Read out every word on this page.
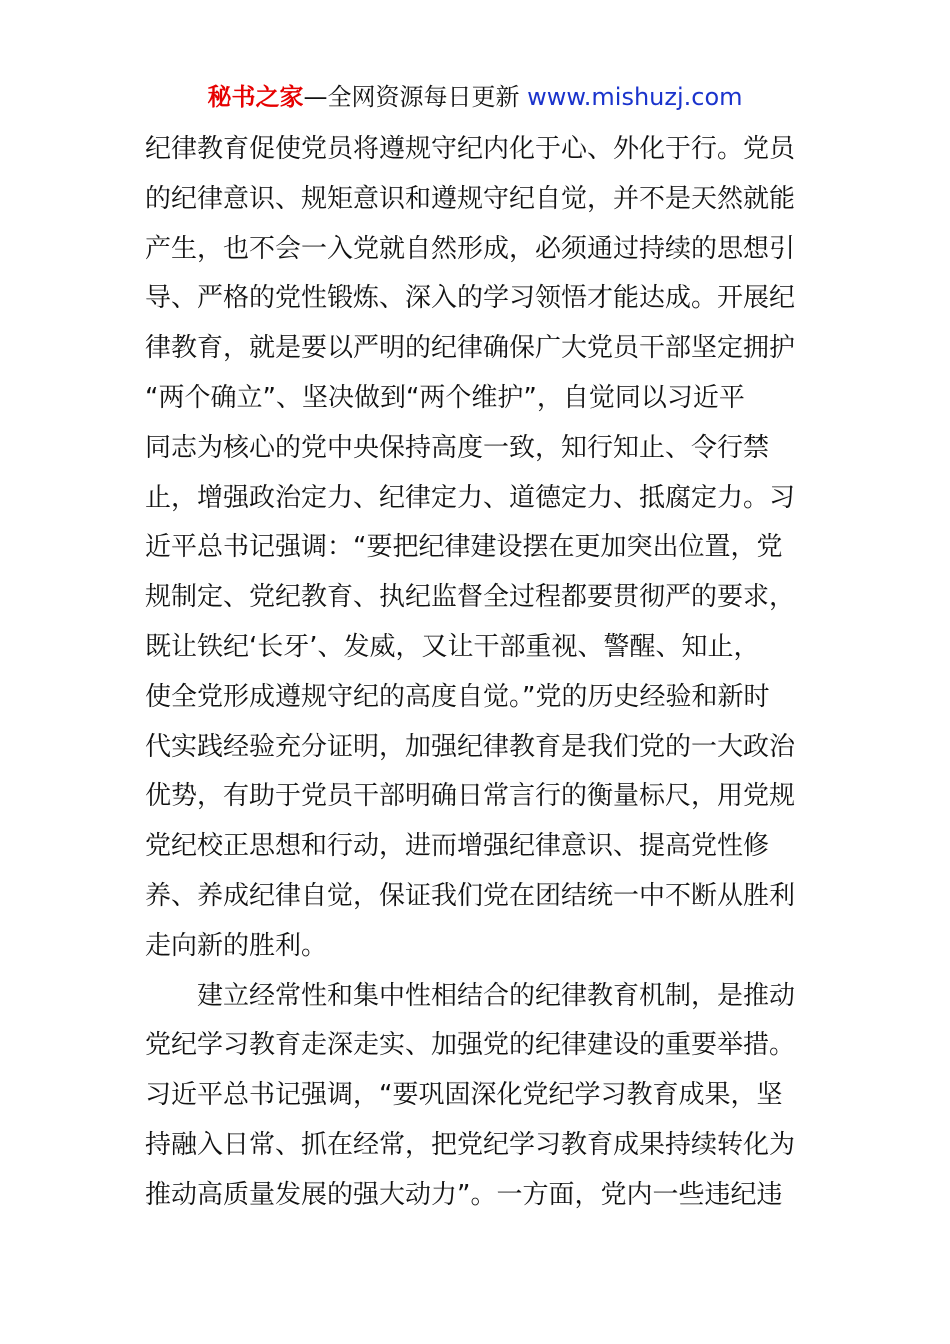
秘书之家—全网资源每日更新 www.mishuzj.com
纪律教育促使党员将遵规守纪内化于心、外化于行。党员
的纪律意识、规矩意识和遵规守纪自觉，并不是天然就能
产生，也不会一入党就自然形成，必须通过持续的思想引
导、严格的党性锻炼、深入的学习领悟才能达成。开展纪
律教育，就是要以严明的纪律确保广大党员干部坚定拥护
“两个确立”、坚决做到“两个维护”，自觉同以习近平
同志为核心的党中央保持高度一致，知行知止、令行禁
止，增强政治定力、纪律定力、道德定力、抵腐定力。习
近平总书记强调：“要把纪律建设摆在更加突出位置，党
规制定、党纪教育、执纪监督全过程都要贯彻严的要求，
既让铁纪‘长牙’、发威，又让干部重视、警醒、知止，
使全党形成遵规守纪的高度自觉。”党的历史经验和新时
代实践经验充分证明，加强纪律教育是我们党的一大政治
优势，有助于党员干部明确日常言行的衡量标尺，用党规
党纪校正思想和行动，进而增强纪律意识、提高党性修
养、养成纪律自觉，保证我们党在团结统一中不断从胜利
走向新的胜利。
建立经常性和集中性相结合的纪律教育机制，是推动
党纪学习教育走深走实、加强党的纪律建设的重要举措。
习近平总书记强调，“要巩固深化党纪学习教育成果，坚
持融入日常、抓在经常，把党纪学习教育成果持续转化为
推动高质量发展的强大动力”。一方面，党内一些违纪违
